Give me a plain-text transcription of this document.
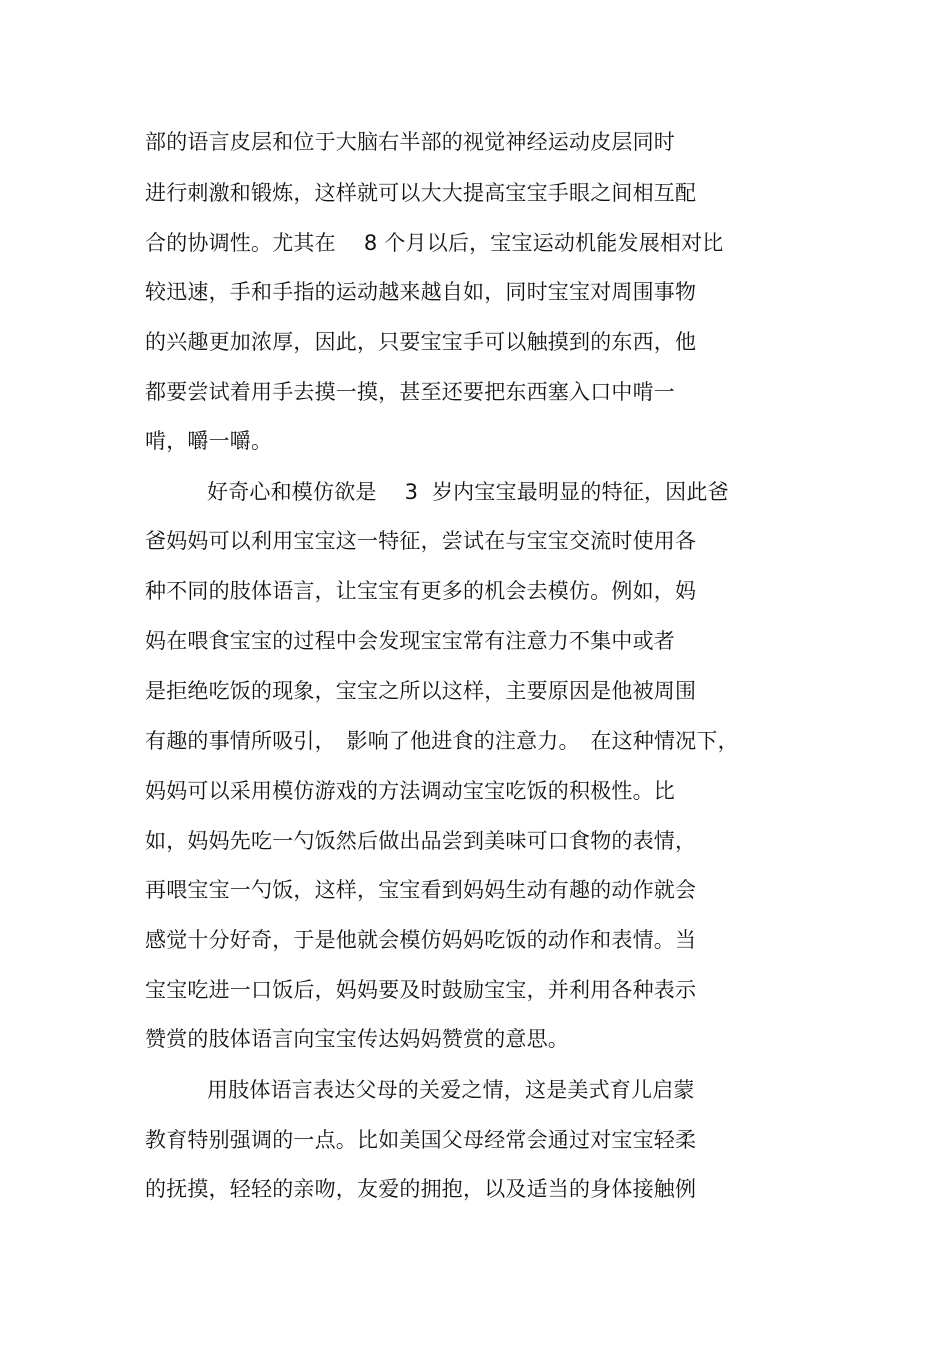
部的语言皮层和位于大脑右半部的视觉神经运动皮层同时
进行刺激和锻炼，这样就可以大大提高宝宝手眼之间相互配
合的协调性。尤其在　 8 个月以后，宝宝运动机能发展相对比
较迅速，手和手指的运动越来越自如，同时宝宝对周围事物
的兴趣更加浓厚，因此，只要宝宝手可以触摸到的东西，他
都要尝试着用手去摸一摸，甚至还要把东西塞入口中啃一
啃，嚼一嚼。
好奇心和模仿欲是　 3  岁内宝宝最明显的特征，因此爸
爸妈妈可以利用宝宝这一特征，尝试在与宝宝交流时使用各
种不同的肢体语言，让宝宝有更多的机会去模仿。例如，妈
妈在喂食宝宝的过程中会发现宝宝常有注意力不集中或者
是拒绝吃饭的现象，宝宝之所以这样，主要原因是他被周围
有趣的事情所吸引，　影响了他进食的注意力。　在这种情况下，
妈妈可以采用模仿游戏的方法调动宝宝吃饭的积极性。比
如，妈妈先吃一勺饭然后做出品尝到美味可口食物的表情，
再喂宝宝一勺饭，这样，宝宝看到妈妈生动有趣的动作就会
感觉十分好奇，于是他就会模仿妈妈吃饭的动作和表情。当
宝宝吃进一口饭后，妈妈要及时鼓励宝宝，并利用各种表示
赞赏的肢体语言向宝宝传达妈妈赞赏的意思。
用肢体语言表达父母的关爱之情，这是美式育儿启蒙
教育特别强调的一点。比如美国父母经常会通过对宝宝轻柔
的抚摸，轻轻的亲吻，友爱的拥抱，以及适当的身体接触例
